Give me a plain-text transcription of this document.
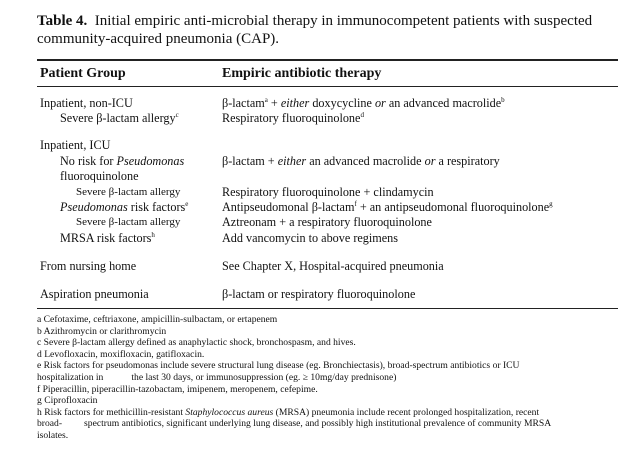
Table 4. Initial empiric anti-microbial therapy in immunocompetent patients with suspected community-acquired pneumonia (CAP).
Patient Group	Empiric antibiotic therapy
Inpatient, non-ICU	β-lactam$^a$ + either doxycycline or an advanced macrolide$^b$
Severe β-lactam allergy$^c$	Respiratory fluoroquinolone$^d$
Inpatient, ICU
No risk for Pseudomonas	β-lactam + either an advanced macrolide or a respiratory
fluoroquinolone
Severe β-lactam allergy	Respiratory fluoroquinolone + clindamycin
Pseudomonas risk factors$^e$	Antipseudomonal β-lactam$^f$ + an antipseudomonal fluoroquinolone$^g$
Severe β-lactam allergy	Aztreonam + a respiratory fluoroquinolone
MRSA risk factors$^h$	Add vancomycin to above regimens
From nursing home	See Chapter X, Hospital-acquired pneumonia
Aspiration pneumonia	β-lactam or respiratory fluoroquinolone
a Cefotaxime, ceftriaxone, ampicillin-sulbactam, or ertapenem
b Azithromycin or clarithromycin
c Severe β-lactam allergy defined as anaphylactic shock, bronchospasm, and hives.
d Levofloxacin, moxifloxacin, gatifloxacin.
e Risk factors for pseudomonas include severe structural lung disease (eg. Bronchiectasis), broad-spectrum antibiotics or ICU
hospitalization in	the last 30 days, or immunosuppression (eg. ≥ 10mg/day prednisone)
f Piperacillin, piperacillin-tazobactam, imipenem, meropenem, cefepime.
g Ciprofloxacin
h Risk factors for methicillin-resistant Staphylococcus aureus (MRSA) pneumonia include recent prolonged hospitalization, recent
broad- spectrum antibiotics, significant underlying lung disease, and possibly high institutional prevalence of community MRSA
isolates.
